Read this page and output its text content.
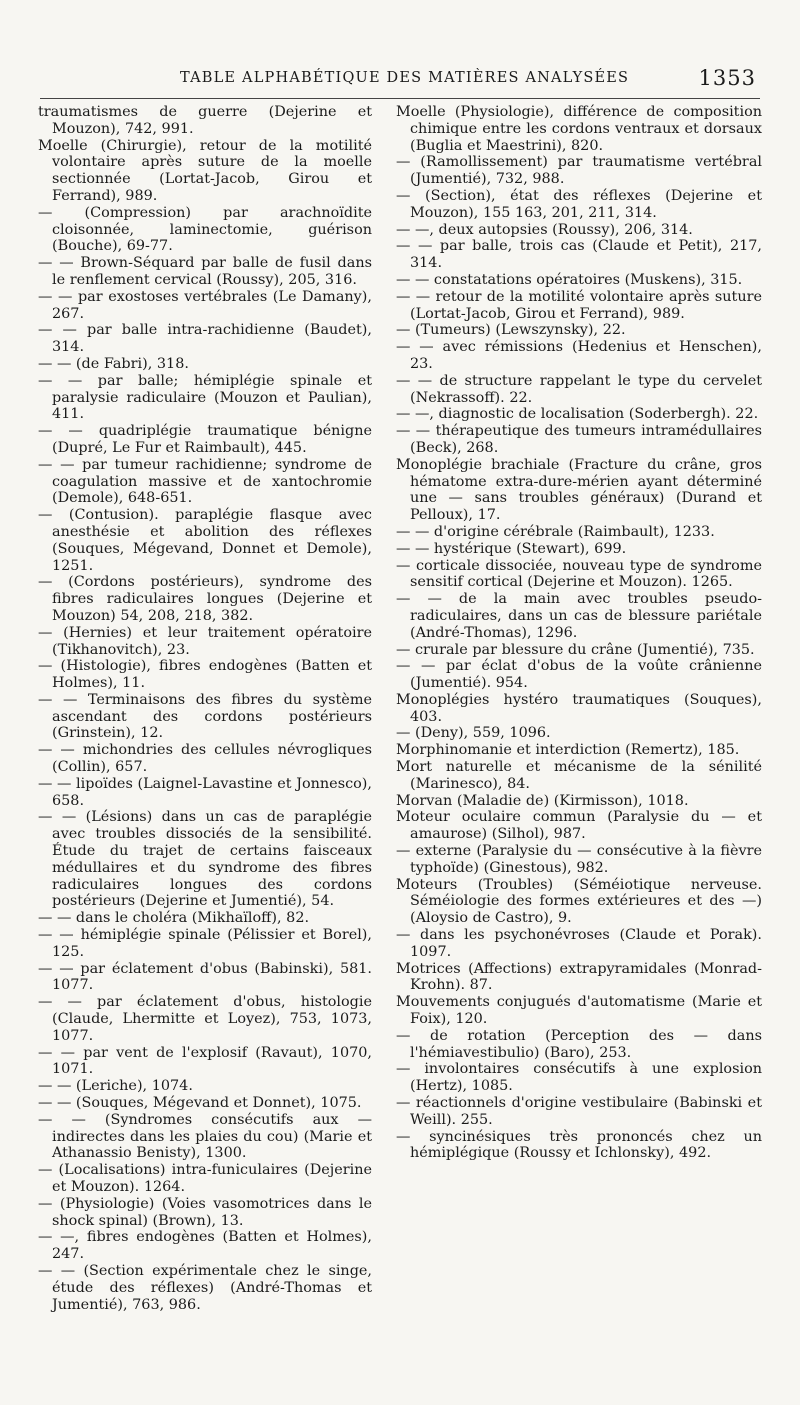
TABLE ALPHABÉTIQUE DES MATIÈRES ANALYSÉES	1353

traumatismes de guerre (Dejerine et Mouzon), 742, 991.

Moelle (Chirurgie), retour de la motilité volontaire après suture de la moelle sectionnée (Lortat-Jacob, Girou et Ferrand), 989.

— (Compression) par arachnoïdite cloisonnée, laminectomie, guérison (Bouche), 69-77.

— — Brown-Séquard par balle de fusil dans le renflement cervical (Roussy), 205, 316.

— — par exostoses vertébrales (Le Damany), 267.

— — par balle intra-rachidienne (Baudet), 314.

— — (de Fabri), 318.

— — par balle; hémiplégie spinale et paralysie radiculaire (Mouzon et Paulian), 411.

— — quadriplégie traumatique bénigne (Dupré, Le Fur et Raimbault), 445.

— — par tumeur rachidienne; syndrome de coagulation massive et de xantochromie (Demole), 648-651.

— (Contusion). paraplégie flasque avec anesthésie et abolition des réflexes (Souques, Mégevand, Donnet et Demole), 1251.

— (Cordons postérieurs), syndrome des fibres radiculaires longues (Dejerine et Mouzon) 54, 208, 218, 382.

— (Hernies) et leur traitement opératoire (Tikhanovitch), 23.

— (Histologie), fibres endogènes (Batten et Holmes), 11.

— — Terminaisons des fibres du système ascendant des cordons postérieurs (Grinstein), 12.

— — michondries des cellules névrogliques (Collin), 657.

— — lipoïdes (Laignel-Lavastine et Jonnesco), 658.

— — (Lésions) dans un cas de paraplégie avec troubles dissociés de la sensibilité. Étude du trajet de certains faisceaux médullaires et du syndrome des fibres radiculaires longues des cordons postérieurs (Dejerine et Jumentié), 54.

— — dans le choléra (Mikhaïloff), 82.

— — hémiplégie spinale (Pélissier et Borel), 125.

— — par éclatement d'obus (Babinski), 581. 1077.

— — par éclatement d'obus, histologie (Claude, Lhermitte et Loyez), 753, 1073, 1077.

— — par vent de l'explosif (Ravaut), 1070, 1071.

— — (Leriche), 1074.

— — (Souques, Mégevand et Donnet), 1075.

— — (Syndromes consécutifs aux — indirectes dans les plaies du cou) (Marie et Athanassio Benisty), 1300.

— (Localisations) intra-funiculaires (Dejerine et Mouzon). 1264.

— (Physiologie) (Voies vasomotrices dans le shock spinal) (Brown), 13.

— —, fibres endogènes (Batten et Holmes), 247.

— — (Section expérimentale chez le singe, étude des réflexes) (André-Thomas et Jumentié), 763, 986.

Moelle (Physiologie), différence de composition chimique entre les cordons ventraux et dorsaux (Buglia et Maestrini), 820.

— (Ramollissement) par traumatisme vertébral (Jumentié), 732, 988.

— (Section), état des réflexes (Dejerine et Mouzon), 155 163, 201, 211, 314.

— —, deux autopsies (Roussy), 206, 314.

— — par balle, trois cas (Claude et Petit), 217, 314.

— — constatations opératoires (Muskens), 315.

— — retour de la motilité volontaire après suture (Lortat-Jacob, Girou et Ferrand), 989.

— (Tumeurs) (Lewszynsky), 22.

— — avec rémissions (Hedenius et Henschen), 23.

— — de structure rappelant le type du cervelet (Nekrassoff). 22.

— —, diagnostic de localisation (Soderbergh). 22.

— — thérapeutique des tumeurs intramédullaires (Beck), 268.

Monoplégie brachiale (Fracture du crâne, gros hématome extra-dure-mérien ayant déterminé une — sans troubles généraux) (Durand et Pelloux), 17.

— — d'origine cérébrale (Raimbault), 1233.

— — hystérique (Stewart), 699.

— corticale dissociée, nouveau type de syndrome sensitif cortical (Dejerine et Mouzon). 1265.

— — de la main avec troubles pseudo-radiculaires, dans un cas de blessure pariétale (André-Thomas), 1296.

— crurale par blessure du crâne (Jumentié), 735.

— — par éclat d'obus de la voûte crânienne (Jumentié). 954.

Monoplégies hystéro traumatiques (Souques), 403.

— (Deny), 559, 1096.

Morphinomanie et interdiction (Remertz), 185.

Mort naturelle et mécanisme de la sénilité (Marinesco), 84.

Morvan (Maladie de) (Kirmisson), 1018.

Moteur oculaire commun (Paralysie du — et amaurose) (Silhol), 987.

— externe (Paralysie du — consécutive à la fièvre typhoïde) (Ginestous), 982.

Moteurs (Troubles) (Séméiotique nerveuse. Séméiologie des formes extérieures et des —) (Aloysio de Castro), 9.

— dans les psychonévroses (Claude et Porak). 1097.

Motrices (Affections) extrapyramidales (Monrad-Krohn). 87.

Mouvements conjugués d'automatisme (Marie et Foix), 120.

— de rotation (Perception des — dans l'hémiavestibulio) (Baro), 253.

— involontaires consécutifs à une explosion (Hertz), 1085.

— réactionnels d'origine vestibulaire (Babinski et Weill). 255.

— syncinésiques très prononcés chez un hémiplégique (Roussy et Ichlonsky), 492.
